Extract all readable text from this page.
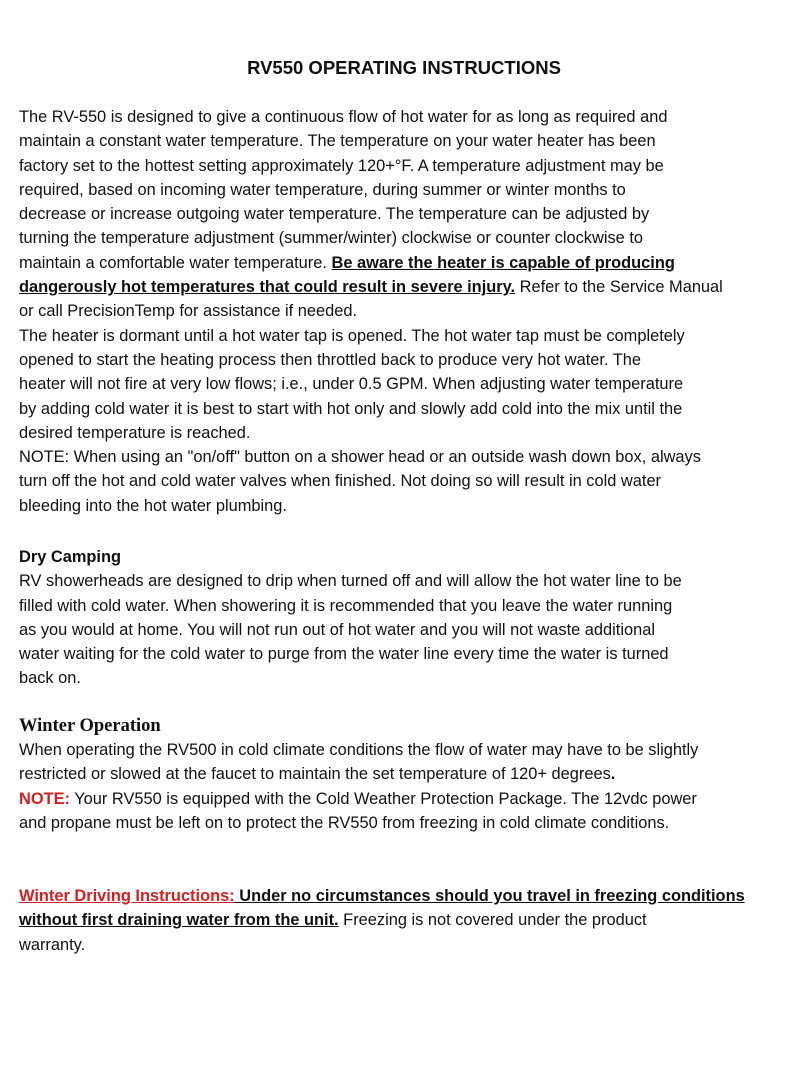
RV550 OPERATING INSTRUCTIONS
The RV-550 is designed to give a continuous flow of hot water for as long as required and
maintain a constant water temperature. The temperature on your water heater has been
factory set to the hottest setting approximately 120+°F. A temperature adjustment may be
required, based on incoming water temperature, during summer or winter months to
decrease or increase outgoing water temperature. The temperature can be adjusted by
turning the temperature adjustment (summer/winter) clockwise or counter clockwise to
maintain a comfortable water temperature. Be aware the heater is capable of producing
dangerously hot temperatures that could result in severe injury. Refer to the Service Manual
or call PrecisionTemp for assistance if needed.
The heater is dormant until a hot water tap is opened. The hot water tap must be completely
opened to start the heating process then throttled back to produce very hot water. The
heater will not fire at very low flows; i.e., under 0.5 GPM. When adjusting water temperature
by adding cold water it is best to start with hot only and slowly add cold into the mix until the
desired temperature is reached.
NOTE: When using an "on/off" button on a shower head or an outside wash down box, always
turn off the hot and cold water valves when finished. Not doing so will result in cold water
bleeding into the hot water plumbing.
Dry Camping
RV showerheads are designed to drip when turned off and will allow the hot water line to be
filled with cold water. When showering it is recommended that you leave the water running
as you would at home. You will not run out of hot water and you will not waste additional
water waiting for the cold water to purge from the water line every time the water is turned
back on.
Winter Operation
When operating the RV500 in cold climate conditions the flow of water may have to be slightly
restricted or slowed at the faucet to maintain the set temperature of 120+ degrees.
NOTE: Your RV550 is equipped with the Cold Weather Protection Package. The 12vdc power
and propane must be left on to protect the RV550 from freezing in cold climate conditions.
Winter Driving Instructions: Under no circumstances should you travel in freezing conditions
without first draining water from the unit. Freezing is not covered under the product
warranty.
